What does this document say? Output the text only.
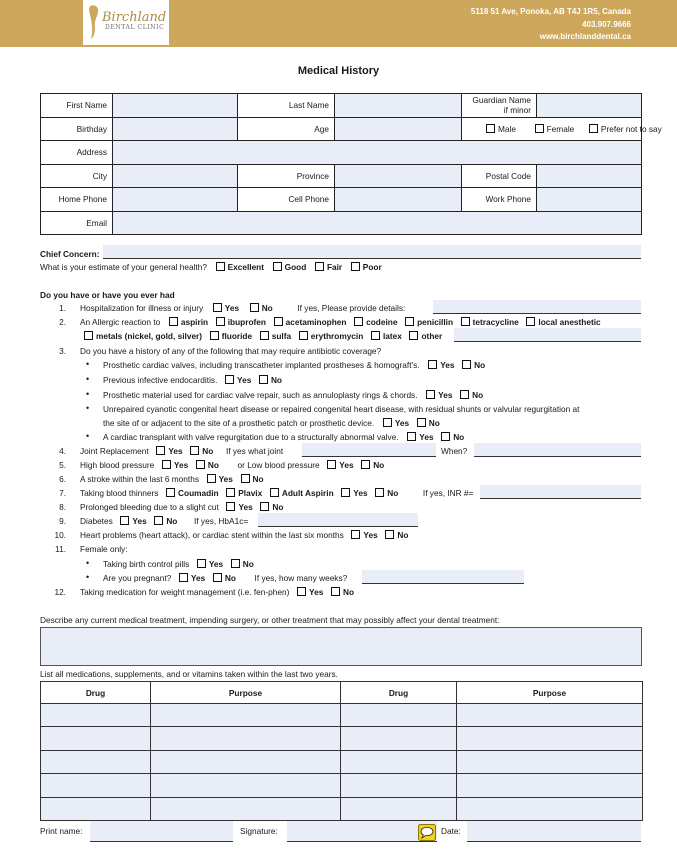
Birchland
DENTAL CLINIC
5118 51 Ave, Ponoka, AB T4J 1R5, Canada
403.907.9666
www.birchlanddental.ca
Medical History
First Name		Last Name		Guardian Name
if minor	

Birthday		Age		Male Female Prefer not to say	
Address					
City		Province		Postal Code	
Home Phone		Cell Phone		Work Phone	
Email					
Chief Concern:
What is your estimate of your general health? Excellent Good Fair Poor
Do you have or have you ever had
1. Hospitalization for illness or injury	Yes	No	If yes, Please provide details:
2. An Allergic reaction to aspirin ibuprofen acetaminophen codeine penicillin tetracycline local anesthetic
metals (nickel, gold, silver) fluoride sulfa erythromycin latex other
3. Do you have a history of any of the following that may require antibiotic coverage?
• Prosthetic cardiac valves, including transcatheter implanted prostheses & homograft's. Yes No
• Previous infective endocarditis. Yes No
• Prosthetic material used for cardiac valve repair, such as annuloplasty rings & chords. Yes No
• Unrepaired cyanotic congenital heart disease or repaired congenital heart disease, with residual shunts or valvular regurgitation at
the site of or adjacent to the site of a prosthetic patch or prosthetic device. Yes No
• A cardiac transplant with valve regurgitation due to a structurally abnormal valve. Yes No
4. Joint Replacement Yes No If yes what joint	When?
5. High blood pressure Yes No or Low blood pressure Yes No
6. A stroke within the last 6 months Yes No
7. Taking blood thinners Coumadin Plavix Adult Aspirin Yes No	If yes, INR #=
8. Prolonged bleeding due to a slight cut Yes No
9. Diabetes Yes No If yes, HbA1c=
10. Heart problems (heart attack), or cardiac stent within the last six months Yes No
11. Female only:
• Taking birth control pills Yes No
• Are you pregnant? Yes No If yes, how many weeks?
12. Taking medication for weight management (i.e. fen-phen) Yes No
Describe any current medical treatment, impending surgery, or other treatment that may possibly affect your dental treatment:
List all medications, supplements, and or vitamins taken within the last two years.
Drug	Purpose	Drug	Purpose

Print name:	Signature:	Date:
